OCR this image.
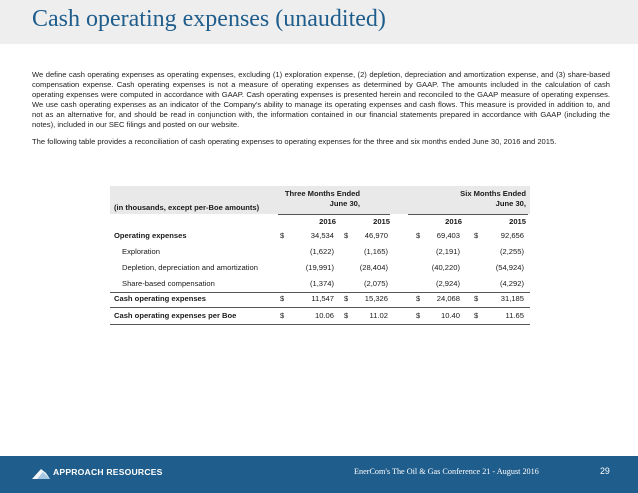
Cash operating expenses (unaudited)
We define cash operating expenses as operating expenses, excluding (1) exploration expense, (2) depletion, depreciation and amortization expense, and (3) share-based compensation expense. Cash operating expenses is not a measure of operating expenses as determined by GAAP. The amounts included in the calculation of cash operating expenses were computed in accordance with GAAP. Cash operating expenses is presented herein and reconciled to the GAAP measure of operating expenses. We use cash operating expenses as an indicator of the Company's ability to manage its operating expenses and cash flows. This measure is provided in addition to, and not as an alternative for, and should be read in conjunction with, the information contained in our financial statements prepared in accordance with GAAP (including the notes), included in our SEC filings and posted on our website.
The following table provides a reconciliation of cash operating expenses to operating expenses for the three and six months ended June 30, 2016 and 2015.
(in thousands, except per-Boe amounts)
Three Months Ended
June 30,
Six Months Ended
June 30,
2016	2015	2016	2015
Operating expenses	$	34,534 $	46,970	$	69,403 $	92,656
Exploration	(1,622)	(1,165)	(2,191)	(2,255)
Depletion, depreciation and amortization	(19,991)	(28,404)	(40,220)	(54,924)
Share-based compensation	(1,374)	(2,075)	(2,924)	(4,292)
Cash operating expenses	$	11,547 $	15,326	$	24,068 $	31,185
Cash operating expenses per Boe	$	10.06 $	11.02	$	10.40 $	11.65
APPROACH RESOURCES	EnerCom's The Oil & Gas Conference 21 - August 2016	29
